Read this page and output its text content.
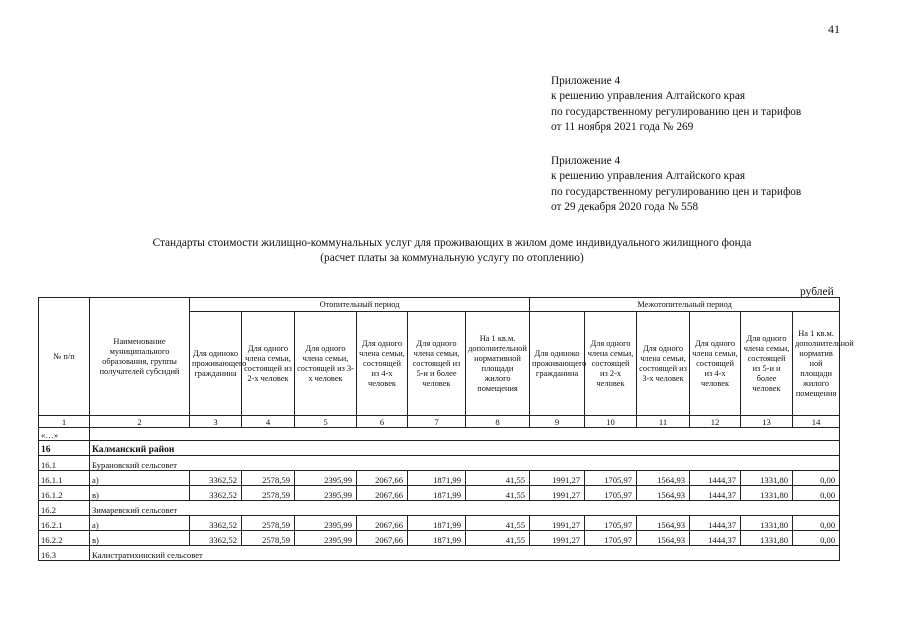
41
Приложение 4
к решению управления Алтайского края
по государственному регулированию цен и тарифов
от 11 ноября 2021 года № 269
Приложение 4
к решению управления Алтайского края
по государственному регулированию цен и тарифов
от 29 декабря 2020 года № 558
Стандарты стоимости жилищно-коммунальных услуг для проживающих в жилом доме индивидуального жилищного фонда
(расчет платы за коммунальную услугу по отоплению)
рублей
№ п/п	Наименование муниципального образования, группы получателей субсидий	Отопительный период						Межотопительный период					
		Для одиноко проживающего гражданина	Для одного члена семьи, состоящей из 2-х человек	Для одного члена семьи, состоящей из 3-х человек	Для одного члена семьи, состоящей из 4-х человек	Для одного члена семьи, состоящей из 5-и и более человек	На 1 кв.м. дополнительной нормативной площади жилого помещения	Для одиноко проживающего гражданина	Для одного члена семьи, состоящей из 2-х человек	Для одного члена семьи, состоящей из 3-х человек	Для одного члена семьи, состоящей из 4-х человек	Для одного члена семьи, состоящей из 5-и и более человек	На 1 кв.м. дополнительной норматив ной площади жилого помещения
1	2	3	4	5	6	7	8	9	10	11	12	13	14
«…»													
16	Калманский район												
16.1	Бурановский сельсовет												
16.1.1	а)	3362,52	2578,59	2395,99	2067,66	1871,99	41,55	1991,27	1705,97	1564,93	1444,37	1331,80	0,00
16.1.2	в)	3362,52	2578,59	2395,99	2067,66	1871,99	41,55	1991,27	1705,97	1564,93	1444,37	1331,80	0,00
16.2	Зимаревский сельсовет												
16.2.1	а)	3362,52	2578,59	2395,99	2067,66	1871,99	41,55	1991,27	1705,97	1564,93	1444,37	1331,80	0,00
16.2.2	в)	3362,52	2578,59	2395,99	2067,66	1871,99	41,55	1991,27	1705,97	1564,93	1444,37	1331,80	0,00
16.3	Калистратихинский сельсовет												
